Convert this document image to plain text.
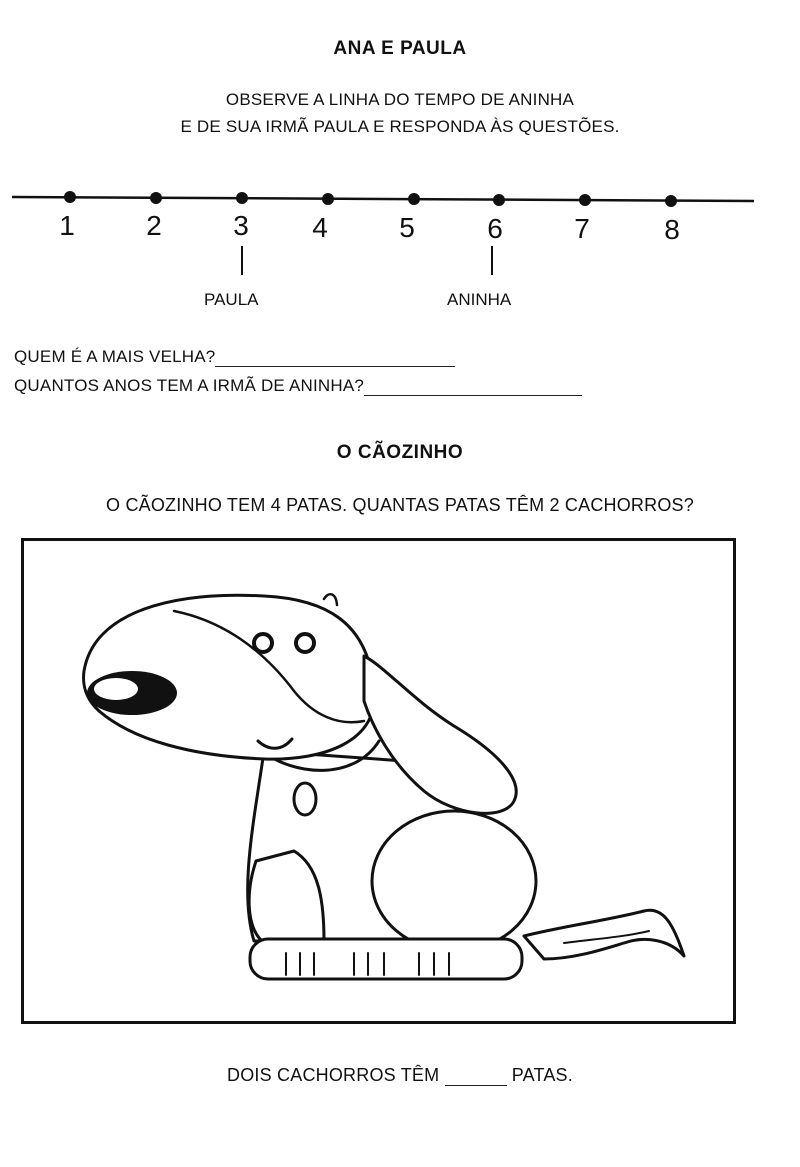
ANA E PAULA
OBSERVE A LINHA DO TEMPO DE ANINHA
E DE SUA IRMÃ PAULA E RESPONDA ÀS QUESTÕES.
1	2	3 4	5	6	7	8
PAULA	ANINHA
QUEM É A MAIS VELHA?
QUANTOS ANOS TEM A IRMÃ DE ANINHA?
O CÃOZINHO
O CÃOZINHO TEM 4 PATAS. QUANTAS PATAS TÊM 2 CACHORROS?
DOIS CACHORROS TÊM	PATAS.
